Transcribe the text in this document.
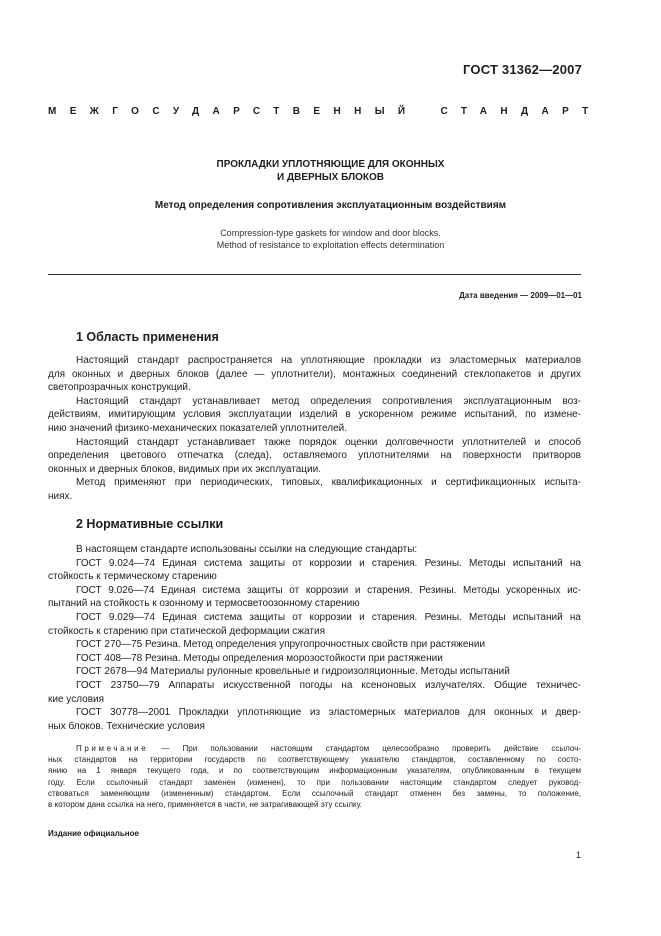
ГОСТ 31362—2007
МЕЖГОСУДАРСТВЕННЫЙ СТАНДАРТ
ПРОКЛАДКИ УПЛОТНЯЮЩИЕ ДЛЯ ОКОННЫХ
И ДВЕРНЫХ БЛОКОВ
Метод определения сопротивления эксплуатационным воздействиям
Compression-type gaskets for window and door blocks.
Method of resistance to exploitation effects determination
Дата введения — 2009—01—01
1 Область применения

Настоящий стандарт распространяется на уплотняющие прокладки из эластомерных материалов

для оконных и дверных блоков (далее — уплотнители), монтажных соединений стеклопакетов и других

светопрозрачных конструкций.

Настоящий стандарт устанавливает метод определения сопротивления эксплуатационным воз-

действиям, имитирующим условия эксплуатации изделий в ускоренном режиме испытаний, по измене-

нию значений физико-механических показателей уплотнителей.

Настоящий стандарт устанавливает также порядок оценки долговечности уплотнителей и способ

определения цветового отпечатка (следа), оставляемого уплотнителями на поверхности притворов

оконных и дверных блоков, видимых при их эксплуатации.

Метод применяют при периодических, типовых, квалификационных и сертификационных испыта-

ниях.

2 Нормативные ссылки

В настоящем стандарте использованы ссылки на следующие стандарты:

ГОСТ 9.024—74 Единая система защиты от коррозии и старения. Резины. Методы испытаний на

стойкость к термическому старению

ГОСТ 9.026—74 Единая система защиты от коррозии и старения. Резины. Методы ускоренных ис-

пытаний на стойкость к озонному и термосветоозонному старению

ГОСТ 9.029—74 Единая система защиты от коррозии и старения. Резины. Методы испытаний на

стойкость к старению при статической деформации сжатия

ГОСТ 270—75 Резина. Метод определения упругопрочностных свойств при растяжении

ГОСТ 408—78 Резина. Методы определения морозостойкости при растяжении

ГОСТ 2678—94 Материалы рулонные кровельные и гидроизоляционные. Методы испытаний

ГОСТ 23750—79 Аппараты искусственной погоды на ксеноновых излучателях. Общие техничес-

кие условия

ГОСТ 30778—2001 Прокладки уплотняющие из эластомерных материалов для оконных и двер-

ных блоков. Технические условия

Примечание — При пользовании настоящим стандартом целесообразно проверить действие ссылоч-

ных стандартов на территории государств по соответствующему указателю стандартов, составленному по состо-

янию на 1 января текущего года, и по соответствующим информационным указателям, опубликованным в текущем

году. Если ссылочный стандарт заменен (изменен), то при пользовании настоящим стандартом следует руковод-

ствоваться заменяющим (измененным) стандартом. Если ссылочный стандарт отменен без замены, то положение,

в котором дана ссылка на него, применяется в части, не затрагивающей эту ссылку.

Издание официальное
1
